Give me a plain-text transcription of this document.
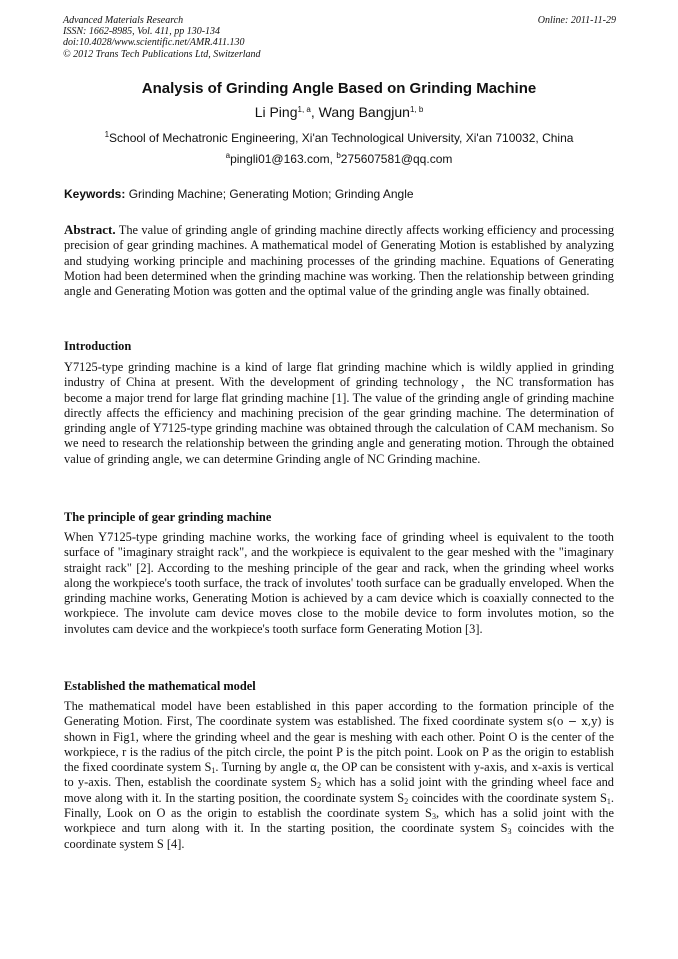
Advanced Materials Research
ISSN: 1662-8985, Vol. 411, pp 130-134
doi:10.4028/www.scientific.net/AMR.411.130
© 2012 Trans Tech Publications Ltd, Switzerland
Online: 2011-11-29
Analysis of Grinding Angle Based on Grinding Machine
Li Ping$^{1, a}$, Wang Bangjun$^{1, b}$
$^1$School of Mechatronic Engineering, Xi'an Technological University, Xi'an 710032, China
$^a$pingli01@163.com, $^b$275607581@qq.com
Keywords: Grinding Machine; Generating Motion; Grinding Angle

Abstract. The value of grinding angle of grinding machine directly affects working efficiency and processing precision of gear grinding machines. A mathematical model of Generating Motion is established by analyzing and studying working principle and machining processes of the grinding machine. Equations of Generating Motion had been determined when the grinding machine was working. Then the relationship between grinding angle and Generating Motion was gotten and the optimal value of the grinding angle was finally obtained.

Introduction

Y7125-type grinding machine is a kind of large flat grinding machine which is wildly applied in grinding industry of China at present. With the development of grinding technology，the NC transformation has become a major trend for large flat grinding machine [1]. The value of the grinding angle of grinding machine directly affects the efficiency and machining precision of the gear grinding machine. The determination of grinding angle of Y7125-type grinding machine was obtained through the calculation of CAM mechanism. So we need to research the relationship between the grinding angle and generating motion. Through the obtained value of grinding angle, we can determine Grinding angle of NC Grinding machine.

The principle of gear grinding machine

When Y7125-type grinding machine works, the working face of grinding wheel is equivalent to the tooth surface of "imaginary straight rack", and the workpiece is equivalent to the gear meshed with the "imaginary straight rack" [2]. According to the meshing principle of the gear and rack, when the grinding wheel works along the workpiece's tooth surface, the track of involutes' tooth surface can be gradually enveloped. When the grinding machine works, Generating Motion is achieved by a cam device which is coaxially connected to the workpiece. The involute cam device moves close to the mobile device to form involutes motion, so the involutes cam device and the workpiece's tooth surface form Generating Motion [3].

Established the mathematical model

The mathematical model have been established in this paper according to the formation principle of the Generating Motion. First, The coordinate system was established. The fixed coordinate system s(o − x,y) is shown in Fig1, where the grinding wheel and the gear is meshing with each other. Point O is the center of the workpiece, r is the radius of the pitch circle, the point P is the pitch point. Look on P as the origin to establish the fixed coordinate system $S_1$. Turning by angle α, the OP can be consistent with y-axis, and x-axis is vertical to y-axis. Then, establish the coordinate system $S_2$ which has a solid joint with the grinding wheel face and move along with it. In the starting position, the coordinate system $S_2$ coincides with the coordinate system $S_1$. Finally, Look on O as the origin to establish the coordinate system $S_3$, which has a solid joint with the workpiece and turn along with it. In the starting position, the coordinate system $S_3$ coincides with the coordinate system S [4].
